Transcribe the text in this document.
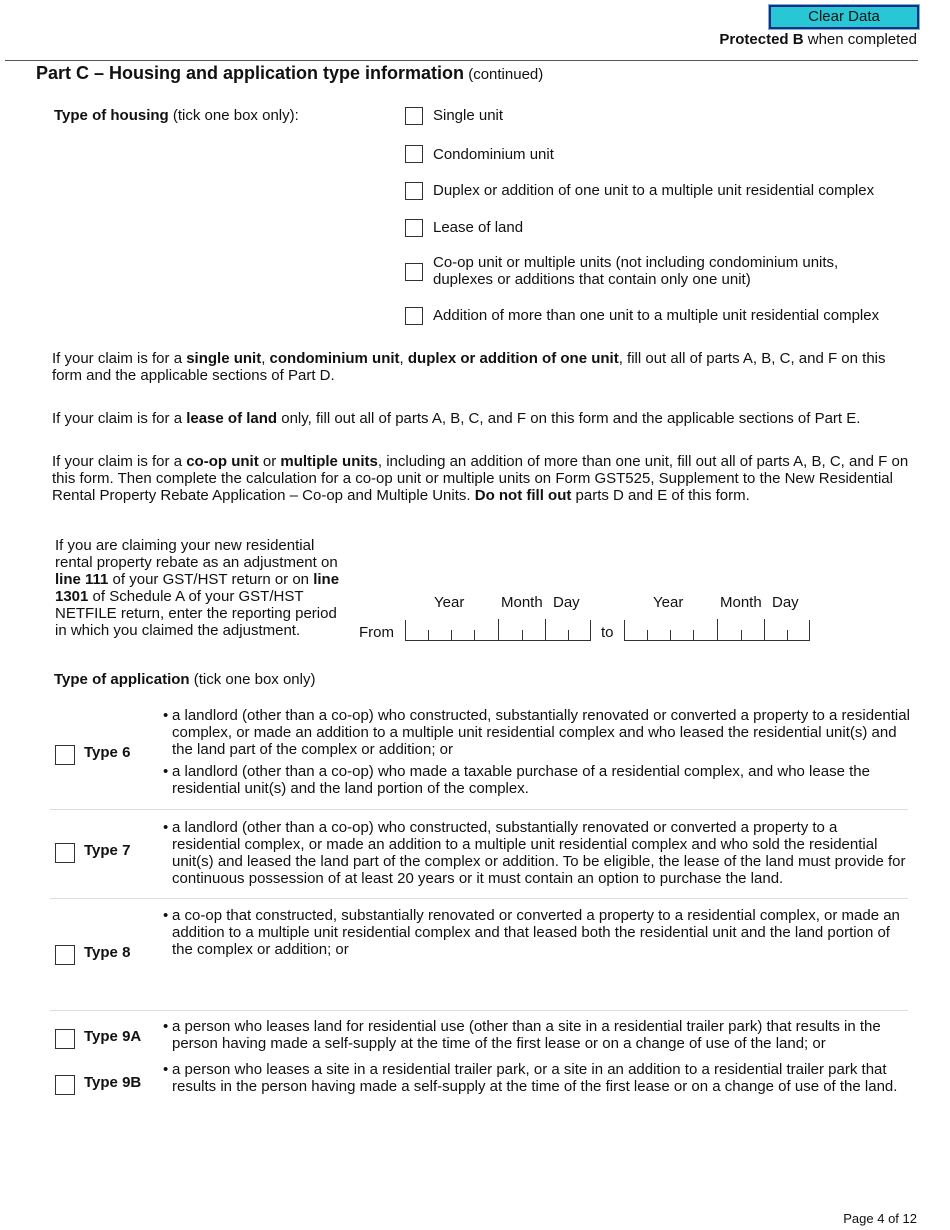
Clear Data
Protected B when completed
Part C – Housing and application type information (continued)
Type of housing (tick one box only):	Single unit
Condominium unit
Duplex or addition of one unit to a multiple unit residential complex
Lease of land
Co-op unit or multiple units (not including condominium units, duplexes or additions that contain only one unit)
Addition of more than one unit to a multiple unit residential complex
If your claim is for a single unit, condominium unit, duplex or addition of one unit, fill out all of parts A, B, C, and F on this form and the applicable sections of Part D.
If your claim is for a lease of land only, fill out all of parts A, B, C, and F on this form and the applicable sections of Part E.
If your claim is for a co-op unit or multiple units, including an addition of more than one unit, fill out all of parts A, B, C, and F on this form. Then complete the calculation for a co-op unit or multiple units on Form GST525, Supplement to the New Residential Rental Property Rebate Application – Co-op and Multiple Units. Do not fill out parts D and E of this form.
If you are claiming your new residential rental property rebate as an adjustment on line 111 of your GST/HST return or on line 1301 of Schedule A of your GST/HST NETFILE return, enter the reporting period in which you claimed the adjustment.
Year Month Day	Year Month Day
From	to
Type of application (tick one box only)
Type 6
• a landlord (other than a co-op) who constructed, substantially renovated or converted a property to a residential complex, or made an addition to a multiple unit residential complex and who leased the residential unit(s) and the land part of the complex or addition; or
• a landlord (other than a co-op) who made a taxable purchase of a residential complex, and who lease the residential unit(s) and the land portion of the complex.
Type 7
• a landlord (other than a co-op) who constructed, substantially renovated or converted a property to a residential complex, or made an addition to a multiple unit residential complex and who sold the residential unit(s) and leased the land part of the complex or addition. To be eligible, the lease of the land must provide for continuous possession of at least 20 years or it must contain an option to purchase the land.
Type 8
• a co-op that constructed, substantially renovated or converted a property to a residential complex, or made an addition to a multiple unit residential complex and that leased both the residential unit and the land portion of the complex or addition; or
Type 9A
• a person who leases land for residential use (other than a site in a residential trailer park) that results in the person having made a self-supply at the time of the first lease or on a change of use of the land; or
Type 9B
• a person who leases a site in a residential trailer park, or a site in an addition to a residential trailer park that results in the person having made a self-supply at the time of the first lease or on a change of use of the land.
Page 4 of 12
